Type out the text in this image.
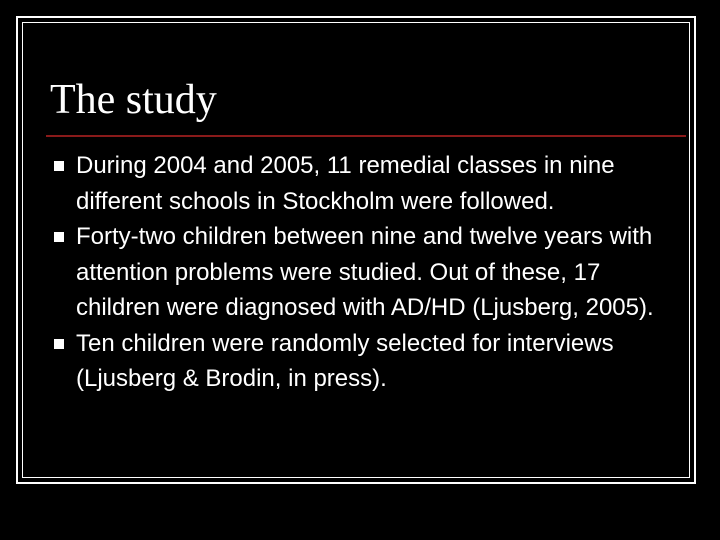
The study
During 2004 and 2005, 11 remedial classes in nine different schools in Stockholm were followed.
Forty-two children between nine and twelve years with attention problems were studied. Out of these, 17 children were diagnosed with AD/HD (Ljusberg, 2005).
Ten children were randomly selected for interviews (Ljusberg & Brodin, in press).
